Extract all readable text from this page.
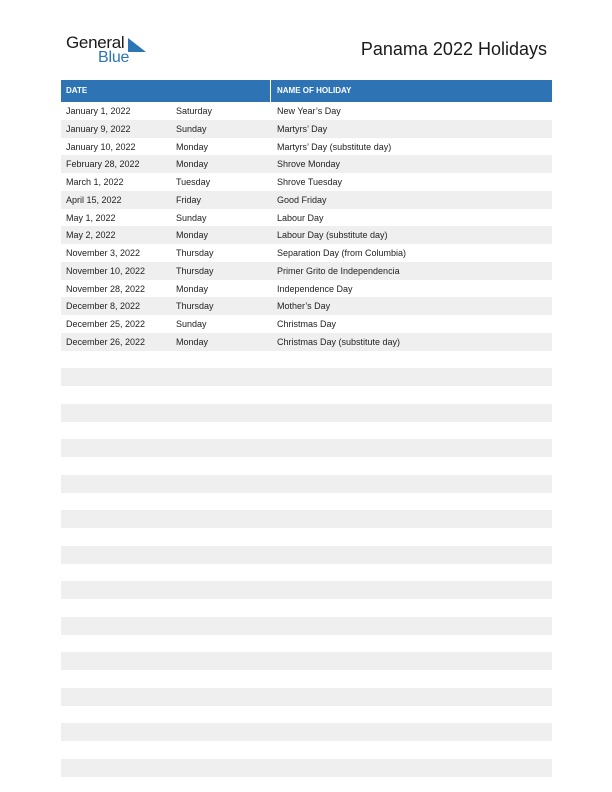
General
Blue	Panama 2022 Holidays
DATE	NAME OF HOLIDAY
January 1, 2022	Saturday	New Year’s Day
January 9, 2022	Sunday	Martyrs’ Day
January 10, 2022	Monday	Martyrs’ Day (substitute day)
February 28, 2022	Monday	Shrove Monday
March 1, 2022	Tuesday	Shrove Tuesday
April 15, 2022	Friday	Good Friday
May 1, 2022	Sunday	Labour Day
May 2, 2022	Monday	Labour Day (substitute day)
November 3, 2022	Thursday	Separation Day (from Columbia)
November 10, 2022	Thursday	Primer Grito de Independencia
November 28, 2022	Monday	Independence Day
December 8, 2022	Thursday	Mother’s Day
December 25, 2022	Sunday	Christmas Day
December 26, 2022	Monday	Christmas Day (substitute day)
